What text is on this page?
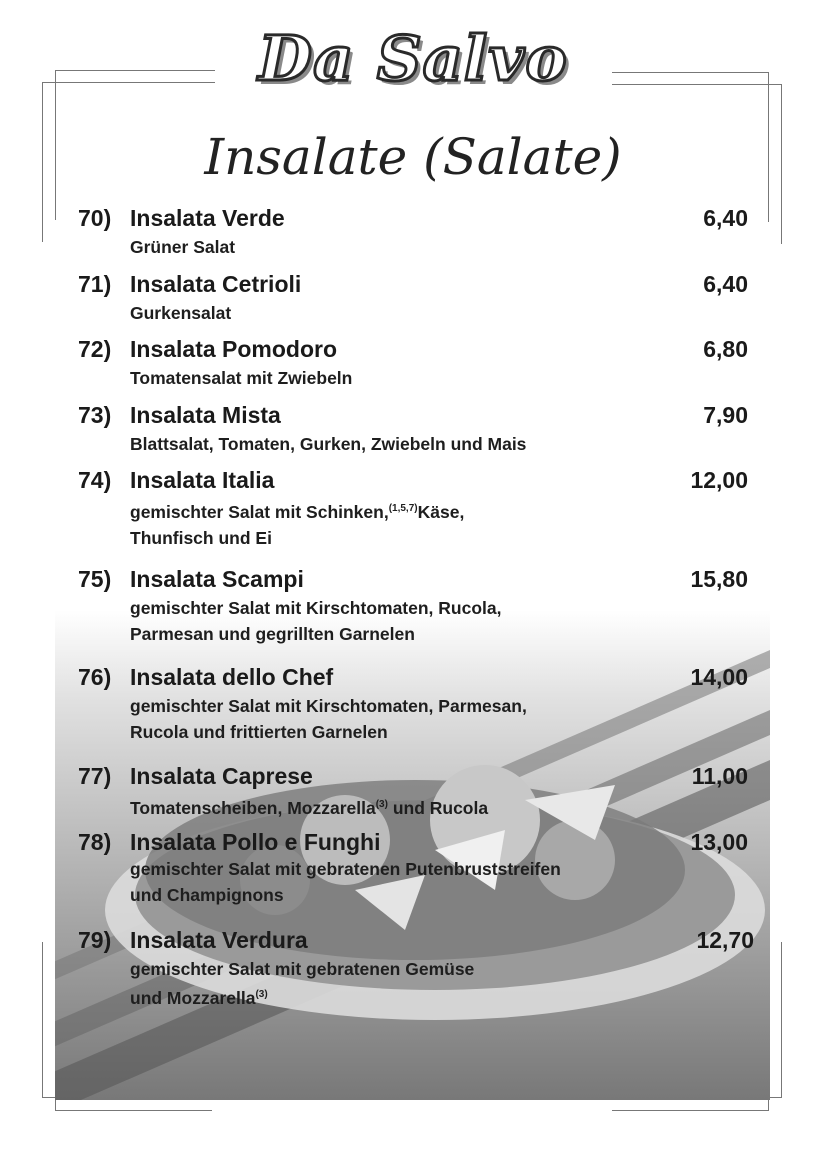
Da Salvo
Insalate (Salate)
70) Insalata Verde	6,40
Grüner Salat
71) Insalata Cetrioli	6,40
Gurkensalat
72) Insalata Pomodoro	6,80
Tomatensalat mit Zwiebeln
73) Insalata Mista	7,90
Blattsalat, Tomaten, Gurken, Zwiebeln und Mais
74) Insalata Italia	12,00
gemischter Salat mit Schinken,$^{(1,5,7)}$Käse,
Thunfisch und Ei
75) Insalata Scampi	15,80
gemischter Salat mit Kirschtomaten, Rucola,
Parmesan und gegrillten Garnelen
76) Insalata dello Chef	14,00
gemischter Salat mit Kirschtomaten, Parmesan,
Rucola und frittierten Garnelen
77) Insalata Caprese	11,00
Tomatenscheiben, Mozzarella$^{(3)}$ und Rucola
78) Insalata Pollo e Funghi	13,00
gemischter Salat mit gebratenen Putenbruststreifen
und Champignons
79) Insalata Verdura	12,70
gemischter Salat mit gebratenen Gemüse
und Mozzarella$^{(3)}$
